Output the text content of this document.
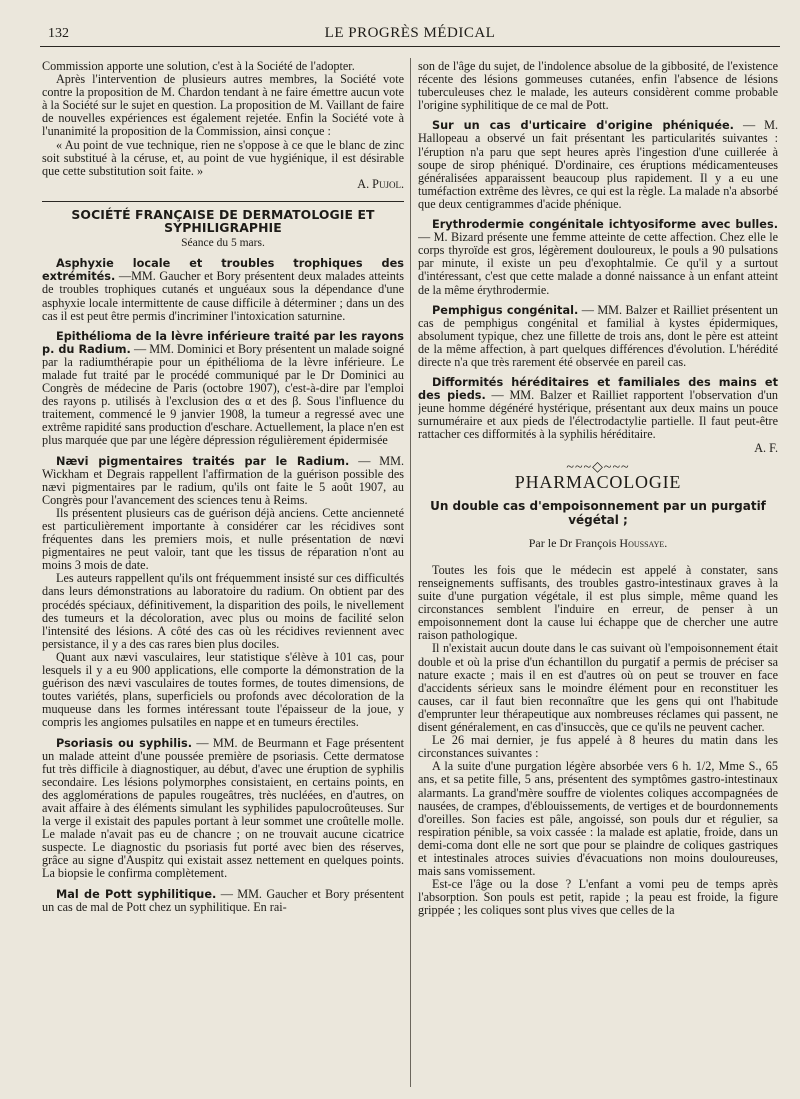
132	LE PROGRÈS MÉDICAL

Commission apporte une solution, c'est à la Société de l'adopter.

Après l'intervention de plusieurs autres membres, la Société vote contre la proposition de M. Chardon tendant à ne faire émettre aucun vote à la Société sur le sujet en question. La proposition de M. Vaillant de faire de nouvelles expériences est également rejetée. Enfin la Société vote à l'unanimité la proposition de la Commission, ainsi conçue :

« Au point de vue technique, rien ne s'oppose à ce que le blanc de zinc soit substitué à la céruse, et, au point de vue hygiénique, il est désirable que cette substitution soit faite. »

A. Pujol.
SOCIÉTÉ FRANÇAISE DE DERMATOLOGIE ET SYPHILIGRAPHIE
Séance du 5 mars.

Asphyxie locale et troubles trophiques des extrémités. —MM. Gaucher et Bory présentent deux malades atteints de troubles trophiques cutanés et unguéaux sous la dépendance d'une asphyxie locale intermittente de cause difficile à déterminer ; dans un des cas il est peut être permis d'incriminer l'intoxication saturnine.

Epithélioma de la lèvre inférieure traité par les rayons p. du Radium. — MM. Dominici et Bory présentent un malade soigné par la radiumthérapie pour un épithélioma de la lèvre inférieure. Le malade fut traité par le procédé communiqué par le Dr Dominici au Congrès de médecine de Paris (octobre 1907), c'est-à-dire par l'emploi des rayons p. utilisés à l'exclusion des α et des β. Sous l'influence du traitement, commencé le 9 janvier 1908, la tumeur a regressé avec une extrême rapidité sans production d'eschare. Actuellement, la place n'en est plus marquée que par une légère dépression régulièrement épidermisée

Nævi pigmentaires traités par le Radium. — MM. Wickham et Degrais rappellent l'affirmation de la guérison possible des nævi pigmentaires par le radium, qu'ils ont faite le 5 août 1907, au Congrès pour l'avancement des sciences tenu à Reims.

Ils présentent plusieurs cas de guérison déjà anciens. Cette ancienneté est particulièrement importante à considérer car les récidives sont fréquentes dans les premiers mois, et nulle présentation de nœvi pigmentaires ne peut valoir, tant que les tissus de réparation n'ont au moins 3 mois de date.

Les auteurs rappellent qu'ils ont fréquemment insisté sur ces difficultés dans leurs démonstrations au laboratoire du radium. On obtient par des procédés spéciaux, définitivement, la disparition des poils, le nivellement des tumeurs et la décoloration, avec plus ou moins de facilité selon l'intensité des lésions. A côté des cas où les récidives reviennent avec persistance, il y a des cas rares bien plus dociles.

Quant aux nævi vasculaires, leur statistique s'élève à 101 cas, pour lesquels il y a eu 900 applications, elle comporte la démonstration de la guérison des nævi vasculaires de toutes formes, de toutes dimensions, de toutes variétés, plans, superficiels ou profonds avec décoloration de la muqueuse dans les formes intéressant toute l'épaisseur de la joue, y compris les angiomes pulsatiles en nappe et en tumeurs érectiles.

Psoriasis ou syphilis. — MM. de Beurmann et Fage présentent un malade atteint d'une poussée première de psoriasis. Cette dermatose fut très difficile à diagnostiquer, au début, d'avec une éruption de syphilis secondaire. Les lésions polymorphes consistaient, en certains points, en des agglomérations de papules rougeâtres, très nucléées, en d'autres, on avait affaire à des éléments simulant les syphilides papulocroûteuses. Sur la verge il existait des papules portant à leur sommet une croûtelle molle. Le malade n'avait pas eu de chancre ; on ne trouvait aucune cicatrice suspecte. Le diagnostic du psoriasis fut porté avec bien des réserves, grâce au signe d'Auspitz qui existait assez nettement en quelques points. La biopsie le confirma complètement.

Mal de Pott syphilitique. — MM. Gaucher et Bory présentent un cas de mal de Pott chez un syphilitique. En rai-

son de l'âge du sujet, de l'indolence absolue de la gibbosité, de l'existence récente des lésions gommeuses cutanées, enfin l'absence de lésions tuberculeuses chez le malade, les auteurs considèrent comme probable l'origine syphilitique de ce mal de Pott.

Sur un cas d'urticaire d'origine phéniquée. — M. Hallopeau a observé un fait présentant les particularités suivantes : l'éruption n'a paru que sept heures après l'ingestion d'une cuillerée à soupe de sirop phéniqué. D'ordinaire, ces éruptions médicamenteuses généralisées apparaissent beaucoup plus rapidement. Il y a eu une tuméfaction extrême des lèvres, ce qui est la règle. La malade n'a absorbé que deux centigrammes d'acide phénique.

Erythrodermie congénitale ichtyosiforme avec bulles. — M. Bizard présente une femme atteinte de cette affection. Chez elle le corps thyroïde est gros, légèrement douloureux, le pouls a 90 pulsations par minute, il existe un peu d'exophtalmie. Ce qu'il y a surtout d'intéressant, c'est que cette malade a donné naissance à un enfant atteint de la même érythrodermie.

Pemphigus congénital. — MM. Balzer et Railliet présentent un cas de pemphigus congénital et familial à kystes épidermiques, absolument typique, chez une fillette de trois ans, dont le père est atteint de la même affection, à part quelques différences d'évolution. L'hérédité directe n'a que très rarement été observée en pareil cas.

Difformités héréditaires et familiales des mains et des pieds. — MM. Balzer et Railliet rapportent l'observation d'un jeune homme dégénéré hystérique, présentant aux deux mains un pouce surnuméraire et aux pieds de l'électrodactylie partielle. Il faut peut-être rattacher ces difformités à la syphilis héréditaire.

A. F.

~~~◇~~~
PHARMACOLOGIE
Un double cas d'empoisonnement par un purgatif végétal ;
Par le Dr François Houssaye.

Toutes les fois que le médecin est appelé à constater, sans renseignements suffisants, des troubles gastro-intestinaux graves à la suite d'une purgation végétale, il est plus simple, même quand les circonstances semblent l'induire en erreur, de penser à un empoisonnement dont la cause lui échappe que de chercher une autre raison pathologique.

Il n'existait aucun doute dans le cas suivant où l'empoisonnement était double et où la prise d'un échantillon du purgatif a permis de préciser sa nature exacte ; mais il en est d'autres où on peut se trouver en face d'accidents sérieux sans le moindre élément pour en reconstituer les causes, car il faut bien reconnaître que les gens qui ont l'habitude d'emprunter leur thérapeutique aux nombreuses réclames qui passent, ne disent généralement, en cas d'insuccès, que ce qu'ils ne peuvent cacher.

Le 26 mai dernier, je fus appelé à 8 heures du matin dans les circonstances suivantes :

A la suite d'une purgation légère absorbée vers 6 h. 1/2, Mme S., 65 ans, et sa petite fille, 5 ans, présentent des symptômes gastro-intestinaux alarmants. La grand'mère souffre de violentes coliques accompagnées de nausées, de crampes, d'éblouissements, de vertiges et de bourdonnements d'oreilles. Son facies est pâle, angoissé, son pouls dur et régulier, sa respiration pénible, sa voix cassée : la malade est aplatie, froide, dans un demi-coma dont elle ne sort que pour se plaindre de coliques gastriques et intestinales atroces suivies d'évacuations non moins douloureuses, mais sans vomissement.

Est-ce l'âge ou la dose ? L'enfant a vomi peu de temps après l'absorption. Son pouls est petit, rapide ; la peau est froide, la figure grippée ; les coliques sont plus vives que celles de la
